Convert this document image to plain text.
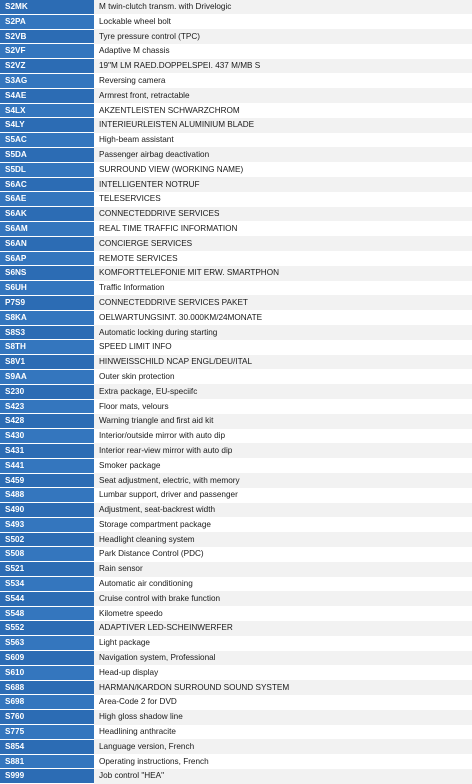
S2MK	M twin-clutch transm. with Drivelogic
S2PA	Lockable wheel bolt
S2VB	Tyre pressure control (TPC)
S2VF	Adaptive M chassis
S2VZ	19"M LM RAED.DOPPELSPEI. 437 M/MB S
S3AG	Reversing camera
S4AE	Armrest front, retractable
S4LX	AKZENTLEISTEN SCHWARZCHROM
S4LY	INTERIEURLEISTEN ALUMINIUM BLADE
S5AC	High-beam assistant
S5DA	Passenger airbag deactivation
S5DL	SURROUND VIEW (WORKING NAME)
S6AC	INTELLIGENTER NOTRUF
S6AE	TELESERVICES
S6AK	CONNECTEDDRIVE SERVICES
S6AM	REAL TIME TRAFFIC INFORMATION
S6AN	CONCIERGE SERVICES
S6AP	REMOTE SERVICES
S6NS	KOMFORTTELEFONIE MIT ERW. SMARTPHON
S6UH	Traffic Information
P7S9	CONNECTEDDRIVE SERVICES PAKET
S8KA	OELWARTUNGSINT. 30.000KM/24MONATE
S8S3	Automatic locking during starting
S8TH	SPEED LIMIT INFO
S8V1	HINWEISSCHILD NCAP ENGL/DEU/ITAL
S9AA	Outer skin protection
S230	Extra package, EU-speciifc
S423	Floor mats, velours
S428	Warning triangle and first aid kit
S430	Interior/outside mirror with auto dip
S431	Interior rear-view mirror with auto dip
S441	Smoker package
S459	Seat adjustment, electric, with memory
S488	Lumbar support, driver and passenger
S490	Adjustment, seat-backrest width
S493	Storage compartment package
S502	Headlight cleaning system
S508	Park Distance Control (PDC)
S521	Rain sensor
S534	Automatic air conditioning
S544	Cruise control with brake function
S548	Kilometre speedo
S552	ADAPTIVER LED-SCHEINWERFER
S563	Light package
S609	Navigation system, Professional
S610	Head-up display
S688	HARMAN/KARDON SURROUND SOUND SYSTEM
S698	Area-Code 2 for DVD
S760	High gloss shadow line
S775	Headlining anthracite
S854	Language version, French
S881	Operating instructions, French
S999	Job control "HEA"
